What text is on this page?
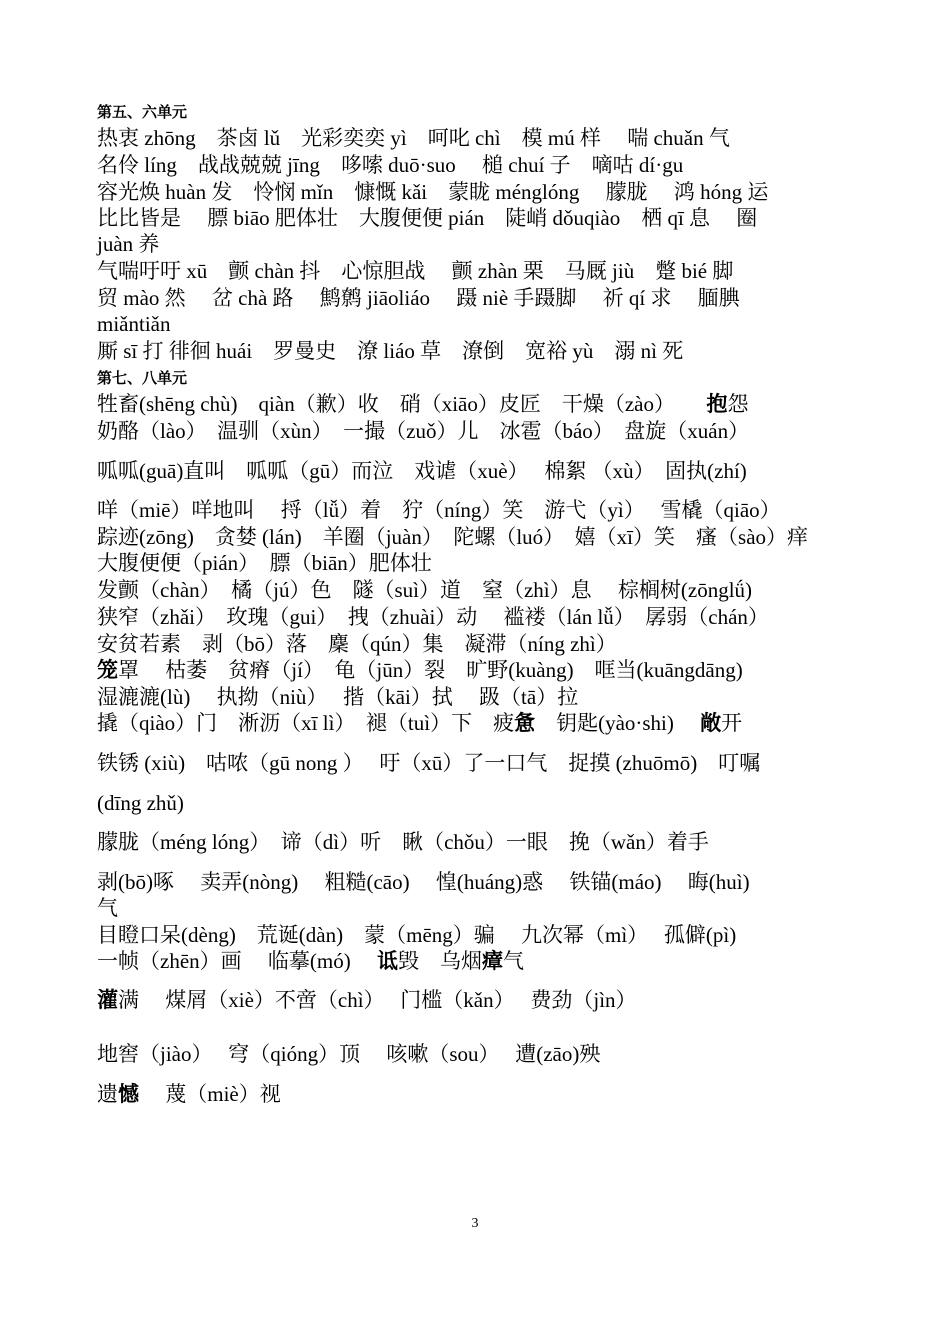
第五、六单元
热衷 zhōng　茶卤 lǔ　光彩奕奕 yì　呵叱 chì　模 mú 样　 喘 chuǎn 气
名伶 líng　战战兢兢 jīng　哆嗦 duō·suo　 槌 chuí 子　嘀咕 dí·gu
容光焕 huàn 发　怜悯 mǐn　慷慨 kǎi　蒙眬 ménglóng　 朦胧　 鸿 hóng 运
比比皆是　 膘 biāo 肥体壮　大腹便便 pián　陡峭 dǒuqiào　栖 qī 息　 圈
juàn 养
气喘吁吁 xū　颤 chàn 抖　心惊胆战　 颤 zhàn 栗　马厩 jiù　蹩 bié 脚
贸 mào 然　 岔 chà 路　 鹪鹩 jiāoliáo　 蹑 niè 手蹑脚　 祈 qí 求　 腼腆
miǎntiǎn
厮 sī 打 徘徊 huái　罗曼史　潦 liáo 草　潦倒　宽裕 yù　溺 nì 死
第七、八单元
牲畜(shēng chù)　qiàn（歉）收　硝（xiāo）皮匠　干燥（zào）　　 抱怨
奶酪（lào）　温驯（xùn）　一撮（zuǒ）儿　冰雹（báo）　盘旋（xuán）
呱呱(guā)直叫　呱呱（gū）而泣　戏谑（xuè）　 棉絮 （xù）　固执(zhí)
咩（miē）咩地叫　 捋（lǚ）着　狞（níng）笑　游弋（yì）　 雪橇（qiāo）
踪迹(zōng)　贪婪 (lán)　羊圈（juàn）　陀螺（luó）　嬉（xī）笑　瘙（sào）痒
大腹便便（pián）　膘（biān）肥体壮
发颤（chàn）　橘（jú）色　隧（suì）道　窒（zhì）息　 棕榈树(zōnglǘ)
狭窄（zhǎi）　玫瑰（gui）　拽（zhuài）动　 褴褛（lán lǚ）　孱弱（chán）
安贫若素　剥（bō）落　麇（qún）集　凝滞（níng zhì）
笼罩　 枯萎　贫瘠（jí）　龟（jūn）裂　旷野(kuàng)　哐当(kuāngdāng)
湿漉漉(lù)　 执拗（niù）　 揩（kāi）拭　 趿（tā）拉
撬（qiào）门　淅沥（xī lì）　褪（tuì）下　疲惫　钥匙(yào·shi)　 敞开
铁锈 (xiù)　咕哝（gū nong ）　 吁（xū）了一口气　捉摸 (zhuōmō)　叮嘱
(dīng zhǔ)
朦胧（méng lóng）　谛（dì）听　瞅（chǒu）一眼　挽（wǎn）着手
剥(bō)啄　 卖弄(nòng)　 粗糙(cāo)　 惶(huáng)惑　 铁锚(máo)　 晦(huì)
气
目瞪口呆(dèng)　荒诞(dàn)　蒙（mēng）骗　 九次幂（mì）　 孤僻(pì)
一帧（zhēn）画　 临摹(mó)　 诋毁　乌烟瘴气
灌满　 煤屑（xiè）不啻（chì）　 门槛（kǎn）　 费劲（jìn）
地窖（jiào）　 穹（qióng）顶　 咳嗽（sou）　 遭(zāo)殃
遗憾　 蔑（miè）视
3
